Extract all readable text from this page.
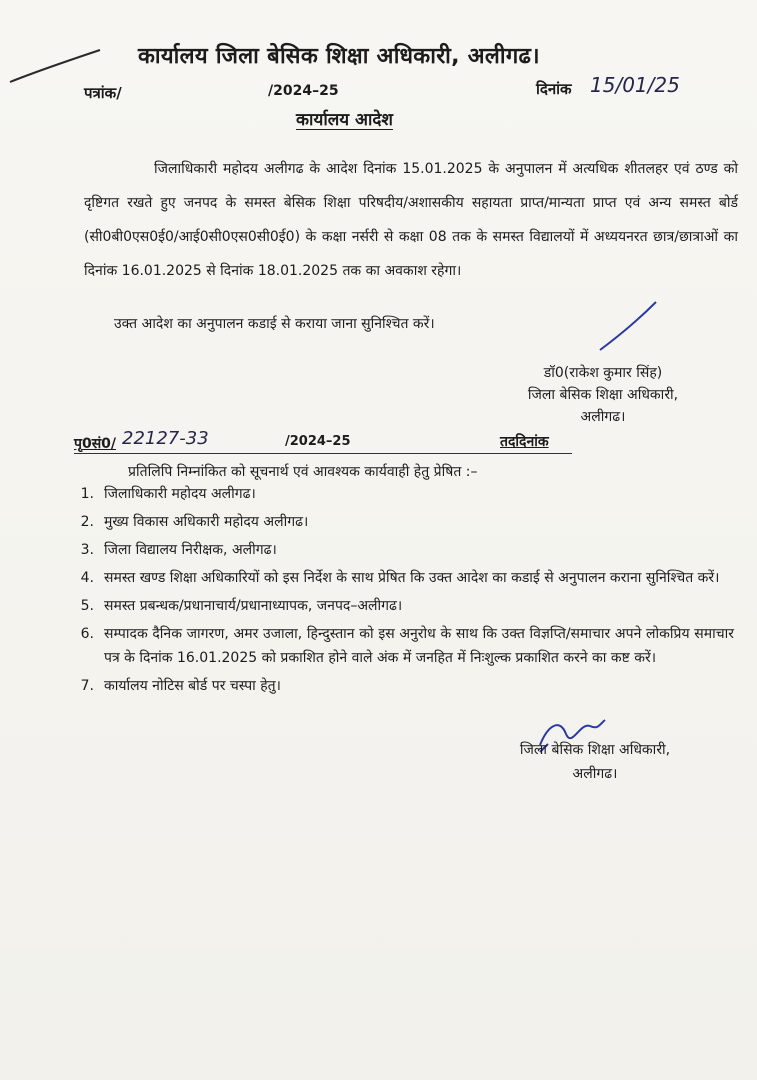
कार्यालय जिला बेसिक शिक्षा अधिकारी, अलीगढ।
पत्रांक/	/2024–25	दिनांक 15/01/25
कार्यालय आदेश
जिलाधिकारी महोदय अलीगढ के आदेश दिनांक 15.01.2025 के अनुपालन में अत्यधिक शीतलहर एवं ठण्ड को दृष्टिगत रखते हुए जनपद के समस्त बेसिक शिक्षा परिषदीय/अशासकीय सहायता प्राप्त/मान्यता प्राप्त एवं अन्य समस्त बोर्ड (सी0बी0एस0ई0/आई0सी0एस0सी0ई0) के कक्षा नर्सरी से कक्षा 08 तक के समस्त विद्यालयों में अध्ययनरत छात्र/छात्राओं का दिनांक 16.01.2025 से दिनांक 18.01.2025 तक का अवकाश रहेगा।
उक्त आदेश का अनुपालन कडाई से कराया जाना सुनिश्चित करें।
डॉ0(राकेश कुमार सिंह)
जिला बेसिक शिक्षा अधिकारी,
अलीगढ।
पृ0सं0/ 22127-33	/2024–25	तददिनांक
प्रतिलिपि निम्नांकित को सूचनार्थ एवं आवश्यक कार्यवाही हेतु प्रेषित :–
1. जिलाधिकारी महोदय अलीगढ।
2. मुख्य विकास अधिकारी महोदय अलीगढ।
3. जिला विद्यालय निरीक्षक, अलीगढ।
4. समस्त खण्ड शिक्षा अधिकारियों को इस निर्देश के साथ प्रेषित कि उक्त आदेश का कडाई से अनुपालन कराना सुनिश्चित करें।
5. समस्त प्रबन्धक/प्रधानाचार्य/प्रधानाध्यापक, जनपद–अलीगढ।
6. सम्पादक दैनिक जागरण, अमर उजाला, हिन्दुस्तान को इस अनुरोध के साथ कि उक्त विज्ञप्ति/समाचार अपने लोकप्रिय समाचार पत्र के दिनांक 16.01.2025 को प्रकाशित होने वाले अंक में जनहित में निःशुल्क प्रकाशित करने का कष्ट करें।
7. कार्यालय नोटिस बोर्ड पर चस्पा हेतु।
जिला बेसिक शिक्षा अधिकारी,
अलीगढ।
